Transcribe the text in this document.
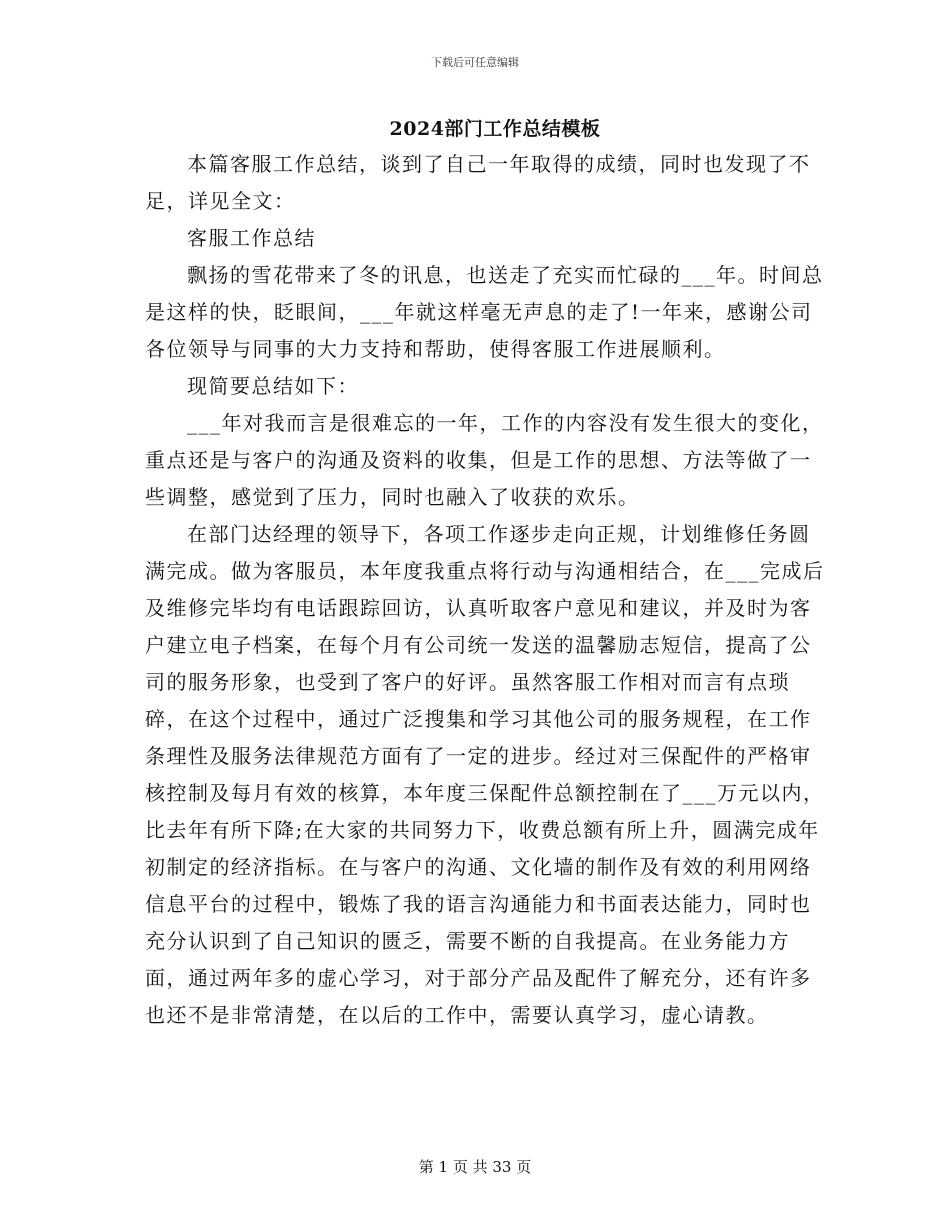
下载后可任意编辑
2024部门工作总结模板

本篇客服工作总结，谈到了自己一年取得的成绩，同时也发现了不足，详见全文：

客服工作总结

飘扬的雪花带来了冬的讯息，也送走了充实而忙碌的___年。时间总是这样的快，眨眼间，___年就这样毫无声息的走了!一年来，感谢公司各位领导与同事的大力支持和帮助，使得客服工作进展顺利。

现简要总结如下：

___年对我而言是很难忘的一年，工作的内容没有发生很大的变化，重点还是与客户的沟通及资料的收集，但是工作的思想、方法等做了一些调整，感觉到了压力，同时也融入了收获的欢乐。

在部门达经理的领导下，各项工作逐步走向正规，计划维修任务圆满完成。做为客服员，本年度我重点将行动与沟通相结合，在___完成后及维修完毕均有电话跟踪回访，认真听取客户意见和建议，并及时为客户建立电子档案，在每个月有公司统一发送的温馨励志短信，提高了公司的服务形象，也受到了客户的好评。虽然客服工作相对而言有点琐碎，在这个过程中，通过广泛搜集和学习其他公司的服务规程，在工作条理性及服务法律规范方面有了一定的进步。经过对三保配件的严格审核控制及每月有效的核算，本年度三保配件总额控制在了___万元以内，比去年有所下降;在大家的共同努力下，收费总额有所上升，圆满完成年初制定的经济指标。在与客户的沟通、文化墙的制作及有效的利用网络信息平台的过程中，锻炼了我的语言沟通能力和书面表达能力，同时也充分认识到了自己知识的匮乏，需要不断的自我提高。在业务能力方面，通过两年多的虚心学习，对于部分产品及配件了解充分，还有许多也还不是非常清楚，在以后的工作中，需要认真学习，虚心请教。

第 1 页 共 33 页
